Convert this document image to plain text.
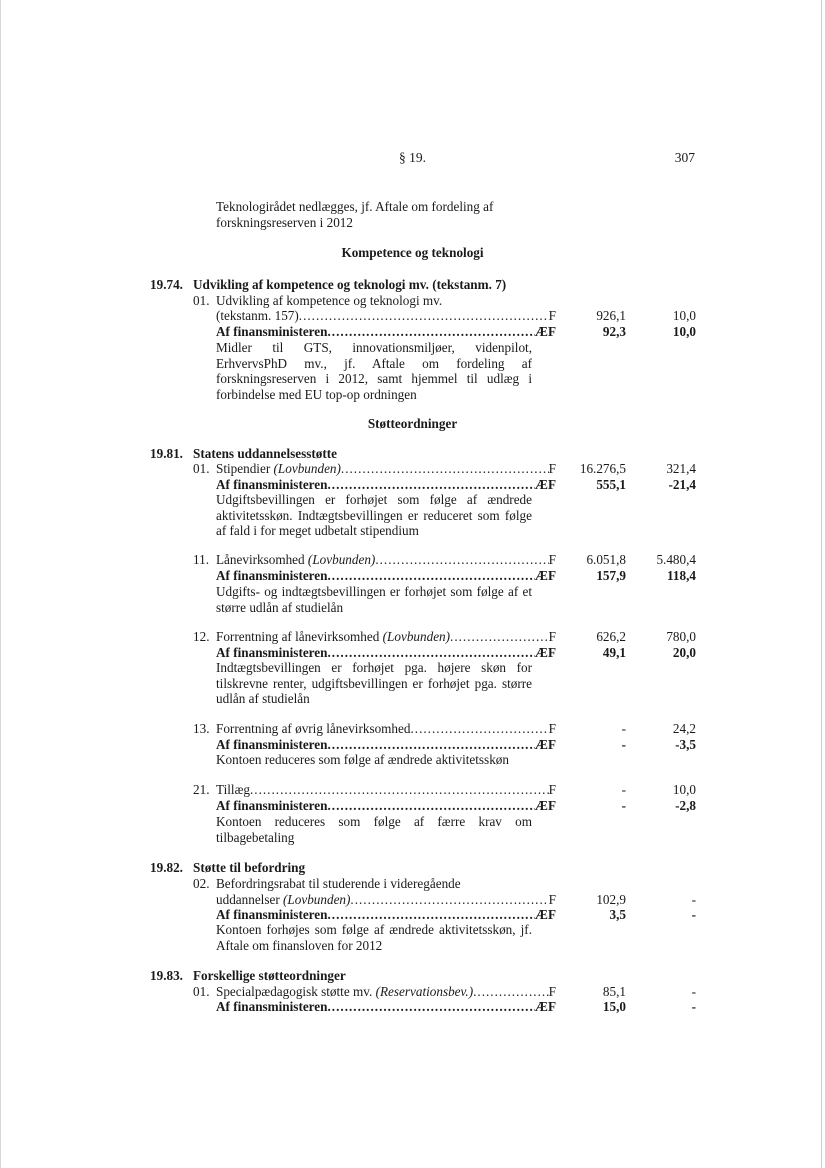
§ 19.	307
Teknologirådet nedlægges, jf. Aftale om fordeling af forskningsreserven i 2012
Kompetence og teknologi
19.74. Udvikling af kompetence og teknologi mv. (tekstanm. 7)
01. Udvikling af kompetence og teknologi mv.
(tekstanm. 157) .....	F	926,1	10,0
Af finansministeren .....	ÆF	92,3	10,0
Midler til GTS, innovationsmiljøer, videnpilot, ErhvervsPhD mv., jf. Aftale om fordeling af forskningsreserven i 2012, samt hjemmel til udlæg i forbindelse med EU top-op ordningen
Støtteordninger
19.81. Statens uddannelsesstøtte
01. Stipendier (Lovbunden) .....	F	16.276,5	321,4
Af finansministeren .....	ÆF	555,1	-21,4
Udgiftsbevillingen er forhøjet som følge af ændrede aktivitetsskøn. Indtægtsbevillingen er reduceret som følge af fald i for meget udbetalt stipendium
11. Lånevirksomhed (Lovbunden) .....	F	6.051,8	5.480,4
Af finansministeren .....	ÆF	157,9	118,4
Udgifts- og indtægtsbevillingen er forhøjet som følge af et større udlån af studielån
12. Forrentning af lånevirksomhed (Lovbunden) .....	F	626,2	780,0
Af finansministeren .....	ÆF	49,1	20,0
Indtægtsbevillingen er forhøjet pga. højere skøn for tilskrevne renter, udgiftsbevillingen er forhøjet pga. større udlån af studielån
13. Forrentning af øvrig lånevirksomhed .....	F	-	24,2
Af finansministeren .....	ÆF	-	-3,5
Kontoen reduceres som følge af ændrede aktivitetsskøn
21. Tillæg .....	F	-	10,0
Af finansministeren .....	ÆF	-	-2,8
Kontoen reduceres som følge af færre krav om tilbagebetaling
19.82. Støtte til befordring
02. Befordringsrabat til studerende i videregående
uddannelser (Lovbunden) .....	F	102,9	-
Af finansministeren .....	ÆF	3,5	-
Kontoen forhøjes som følge af ændrede aktivitetsskøn, jf. Aftale om finansloven for 2012
19.83. Forskellige støtteordninger
01. Specialpædagogisk støtte mv. (Reservationsbev.) .....	F	85,1	-
Af finansministeren .....	ÆF	15,0	-
